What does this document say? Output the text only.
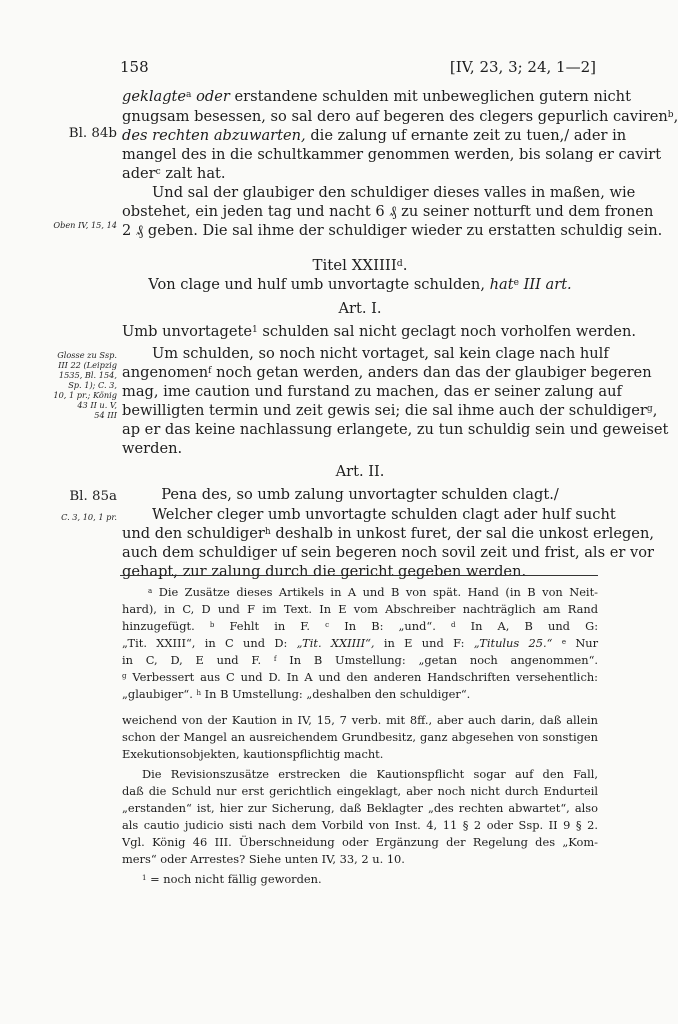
158	[IV, 23, 3; 24, 1—2]
Bl. 84b
Oben IV, 15, 14
Glosse zu Ssp.
III 22 (Leipzig
1535, Bl. 154,
Sp. 1); C. 3,
10, 1 pr.; König
43 II u. V,
54 III
Bl. 85a
C. 3, 10, 1 pr.
geklagte$^a$ oder erstandene schulden mit unbeweglichen gutern nicht
gnugsam besessen, so sal dero auf begeren des clegers gepurlich caviren$^b$,
des rechten abzuwarten, die zalung uf ernante zeit zu tuen,/ ader in
mangel des in die schultkammer genommen werden, bis solang er cavirt
ader$^c$ zalt hat.
Und sal der glaubiger den schuldiger dieses valles in maßen, wie
obstehet, ein jeden tag und nacht 6 ₰ zu seiner notturft und dem fronen
2 ₰ geben. Die sal ihme der schuldiger wieder zu erstatten schuldig sein.
Titel XXIIII$^d$.
Von clage und hulf umb unvortagte schulden, hat$^e$ III art.
Art. I.
Umb unvortagete$^1$ schulden sal nicht geclagt noch vorholfen werden.
Um schulden, so noch nicht vortaget, sal kein clage nach hulf
angenomen$^f$ noch getan werden, anders dan das der glaubiger begeren
mag, ime caution und furstand zu machen, das er seiner zalung auf
bewilligten termin und zeit gewis sei; die sal ihme auch der schuldiger$^g$,
ap er das keine nachlassung erlangete, zu tun schuldig sein und geweiset
werden.
Art. II.
Pena des, so umb zalung unvortagter schulden clagt./
Welcher cleger umb unvortagte schulden clagt ader hulf sucht
und den schuldiger$^h$ deshalb in unkost furet, der sal die unkost erlegen,
auch dem schuldiger uf sein begeren noch sovil zeit und frist, als er vor
gehapt, zur zalung durch die gericht gegeben werden.
$^a$ Die Zusätze dieses Artikels in A und B von spät. Hand (in B von Neit-
hard), in C, D und F im Text. In E vom Abschreiber nachträglich am Rand
hinzugefügt. $^b$ Fehlt in F. $^c$ In B: „und“. $^d$ In A, B und G:
„Tit. XXIII“, in C und D: „Tit. XXIIII“, in E und F: „Titulus 25.“ $^e$ Nur
in C, D, E und F. $^f$ In B Umstellung: „getan noch angenommen“.
$^g$ Verbessert aus C und D. In A und den anderen Handschriften versehentlich:
„glaubiger“. $^h$ In B Umstellung: „deshalben den schuldiger“.
weichend von der Kaution in IV, 15, 7 verb. mit 8ff., aber auch darin, daß allein
schon der Mangel an ausreichendem Grundbesitz, ganz abgesehen von sonstigen
Exekutionsobjekten, kautionspflichtig macht.
Die Revisionszusätze erstrecken die Kautionspflicht sogar auf den Fall,
daß die Schuld nur erst gerichtlich eingeklagt, aber noch nicht durch Endurteil
„erstanden“ ist, hier zur Sicherung, daß Beklagter „des rechten abwartet“, also
als cautio judicio sisti nach dem Vorbild von Inst. 4, 11 § 2 oder Ssp. II 9 § 2.
Vgl. König 46 III. Überschneidung oder Ergänzung der Regelung des „Kom-
mers“ oder Arrestes? Siehe unten IV, 33, 2 u. 10.
$^1$ = noch nicht fällig geworden.
